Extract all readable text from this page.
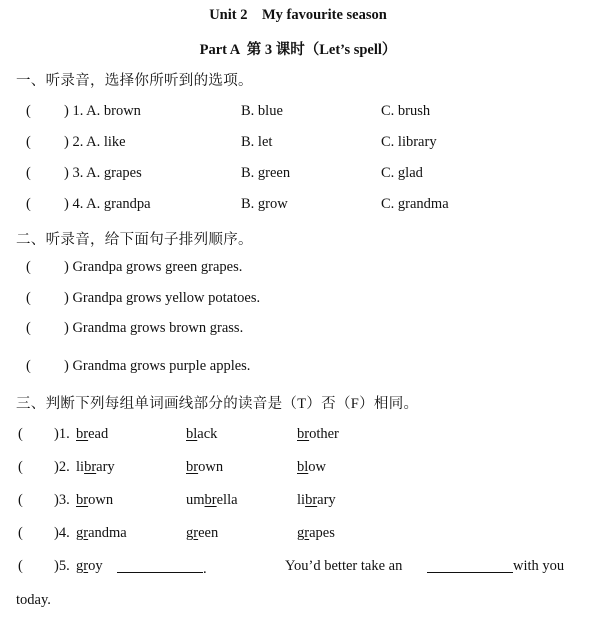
Unit 2    My favourite season
Part A  第 3 课时（Let’s spell）
一、听录音，选择你所听到的选项。
( ) 1. A. brown	B. blue	C. brush
( ) 2. A. like	B. let	C. library
( ) 3. A. grapes	B. green	C. glad
( ) 4. A. grandpa	B. grow	C. grandma
二、听录音，给下面句子排列顺序。
( ) Grandpa grows green grapes.
( ) Grandpa grows yellow potatoes.
( ) Grandma grows brown grass.
( ) Grandma grows purple apples.
三、判断下列每组单词画线部分的读音是（T）否（F）相同。
( )1. bread	black	brother
( )2. library	brown	blow
( )3. brown	umbrella	library
( )4. grandma	green	grapes
( )5. groy	.	You’d better take an	with you
today.
